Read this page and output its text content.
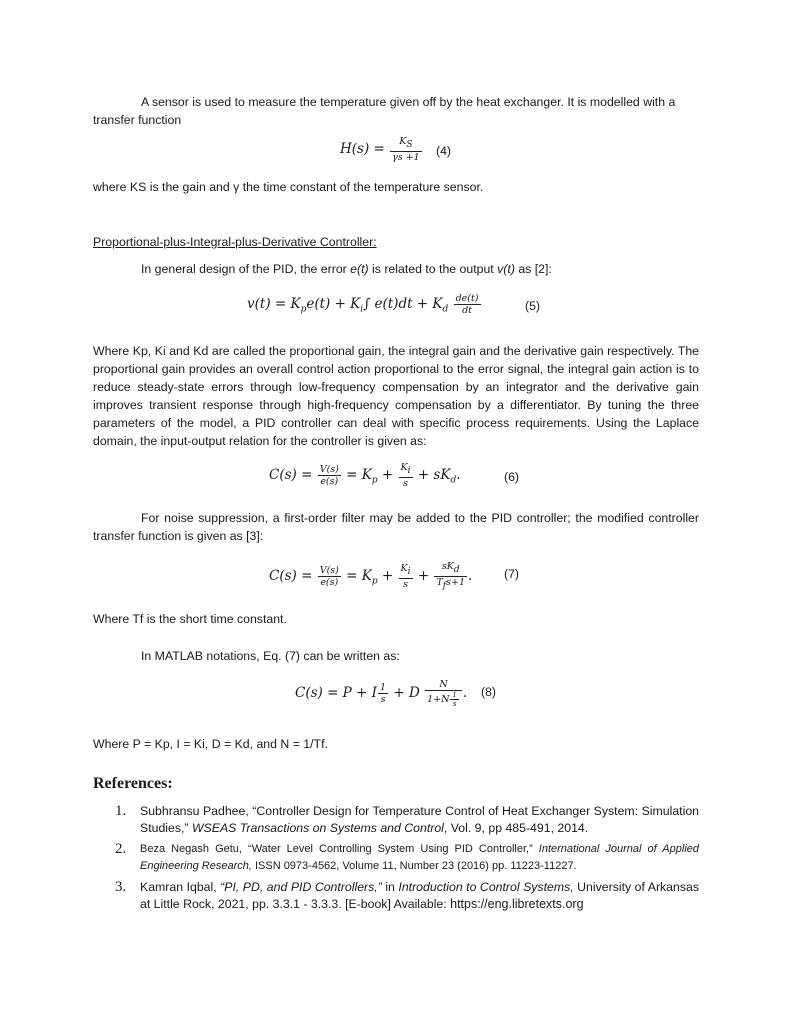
A sensor is used to measure the temperature given off by the heat exchanger. It is modelled with a transfer function
$H(s) = \frac{K_S}{\gamma s +1} (4)$
where KS is the gain and γ the time constant of the temperature sensor.
Proportional-plus-Integral-plus-Derivative Controller:
In general design of the PID, the error e(t) is related to the output v(t) as [2]:
$v(t) = K_pe(t) + K_i\int$ $e(t)dt + K_d \frac{de(t)}{dt}$	(5)
Where Kp, Ki and Kd are called the proportional gain, the integral gain and the derivative gain respectively. The proportional gain provides an overall control action proportional to the error signal, the integral gain action is to reduce steady-state errors through low-frequency compensation by an integrator and the derivative gain improves transient response through high-frequency compensation by a differentiator. By tuning the three parameters of the model, a PID controller can deal with specific process requirements. Using the Laplace domain, the input-output relation for the controller is given as:
$C(s) = \frac{V(s)}{e(s)} = K_p + \frac{K_i}{s} + sK_d$.	(6)
For noise suppression, a first-order filter may be added to the PID controller; the modified controller transfer function is given as [3]:
$C(s) = \frac{V(s)}{e(s)} = K_p + \frac{K_i}{s} + \frac{sK_d}{T_fs+1}$ .	(7)
Where Tf is the short time constant.
In MATLAB notations, Eq. (7) can be written as:
C(s) = P + I $\frac{1}{s} + D \frac{N}{1+N \frac{1}{s}}$ . (8)
Where P = Kp, I = Ki, D = Kd, and N = 1/Tf.
References:
1. Subhransu Padhee, “Controller Design for Temperature Control of Heat Exchanger System: Simulation Studies,” WSEAS Transactions on Systems and Control, Vol. 9, pp 485-491, 2014.
2. Beza Negash Getu, “Water Level Controlling System Using PID Controller,” International Journal of Applied Engineering Research, ISSN 0973-4562, Volume 11, Number 23 (2016) pp. 11223-11227.
3. Kamran Iqbal, “PI, PD, and PID Controllers,” in Introduction to Control Systems, University of Arkansas at Little Rock, 2021, pp. 3.3.1 - 3.3.3. [E-book] Available: https://eng.libretexts.org
